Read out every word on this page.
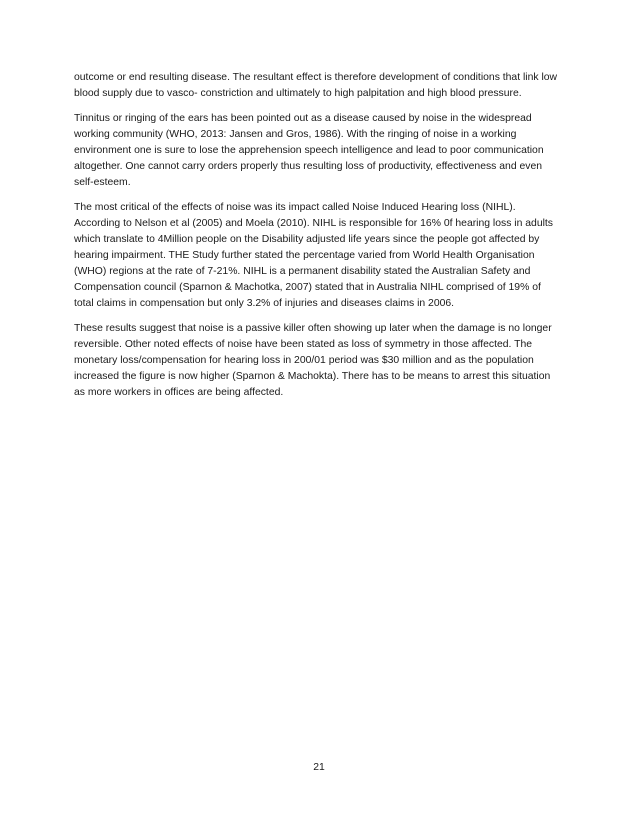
outcome or end resulting disease. The resultant effect is therefore development of conditions that link low
blood supply due to vasco- constriction and ultimately to high palpitation and high blood pressure.

Tinnitus or ringing of the ears has been pointed out as a disease caused by noise in the widespread
working community (WHO, 2013: Jansen and Gros, 1986). With the ringing of noise in a working
environment one is sure to lose the apprehension speech intelligence and lead to poor communication
altogether. One cannot carry orders properly thus resulting loss of productivity, effectiveness and even
self-esteem.

The most critical of the effects of noise was its impact called Noise Induced Hearing loss (NIHL).
According to Nelson et al (2005) and Moela (2010). NIHL is responsible for 16% 0f hearing loss in adults
which translate to 4Million people on the Disability adjusted life years since the people got affected by
hearing impairment. THE Study further stated the percentage varied from World Health Organisation
(WHO) regions at the rate of 7-21%. NIHL is a permanent disability stated the Australian Safety and
Compensation council (Sparnon & Machotka, 2007) stated that in Australia NIHL comprised of 19% of
total claims in compensation but only 3.2% of injuries and diseases claims in 2006.

These results suggest that noise is a passive killer often showing up later when the damage is no longer
reversible. Other noted effects of noise have been stated as loss of symmetry in those affected. The
monetary loss/compensation for hearing loss in 200/01 period was $30 million and as the population
increased the figure is now higher (Sparnon & Machokta). There has to be means to arrest this situation
as more workers in offices are being affected.

21
